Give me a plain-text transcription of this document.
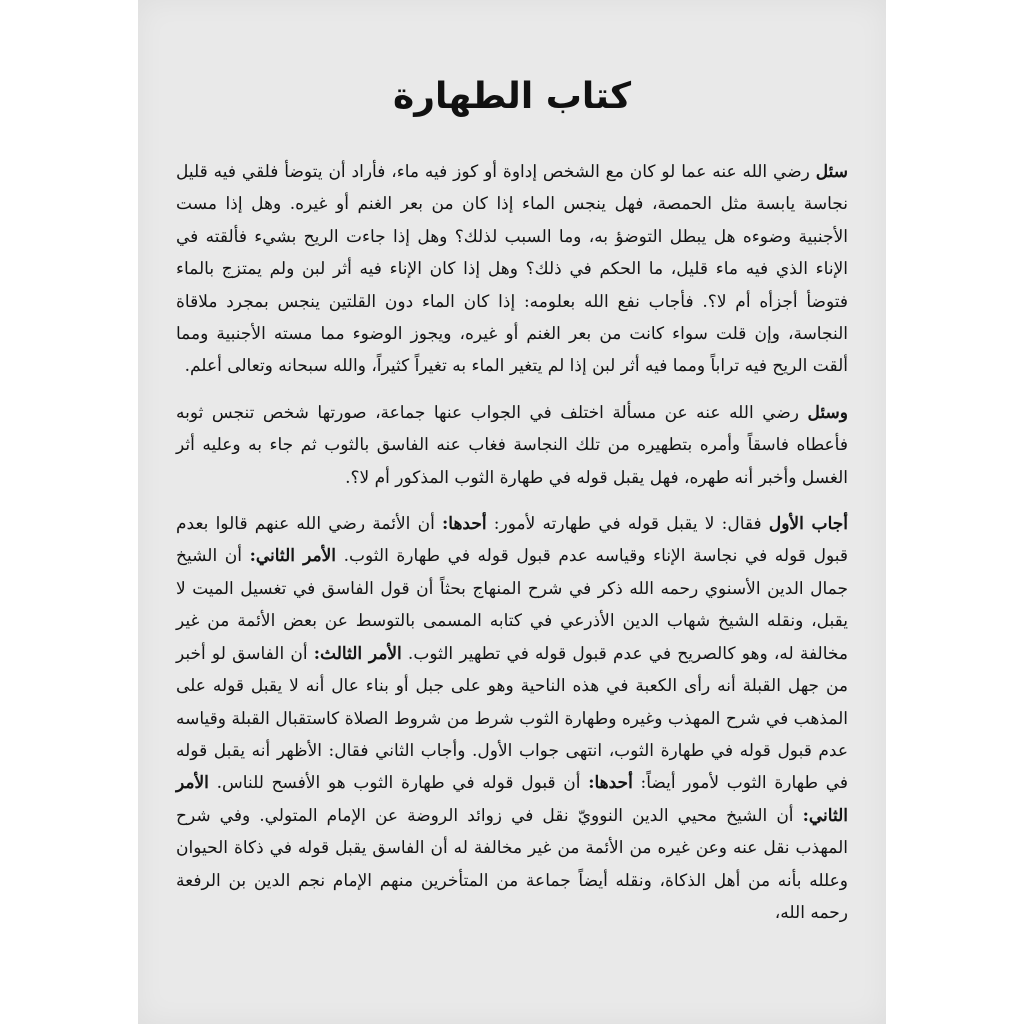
كتاب الطهارة

سئل رضي الله عنه عما لو كان مع الشخص إداوة أو كوز فيه ماء، فأراد أن يتوضأ فلقي فيه قليل نجاسة يابسة مثل الحمصة، فهل ينجس الماء إذا كان من بعر الغنم أو غيره. وهل إذا مست الأجنبية وضوءه هل يبطل التوضؤ به، وما السبب لذلك؟ وهل إذا جاءت الريح بشيء فألقته في الإناء الذي فيه ماء قليل، ما الحكم في ذلك؟ وهل إذا كان الإناء فيه أثر لبن ولم يمتزج بالماء فتوضأ أجزأه أم لا؟. فأجاب نفع الله بعلومه: إذا كان الماء دون القلتين ينجس بمجرد ملاقاة النجاسة، وإن قلت سواء كانت من بعر الغنم أو غيره، ويجوز الوضوء مما مسته الأجنبية ومما ألقت الريح فيه تراباً ومما فيه أثر لبن إذا لم يتغير الماء به تغيراً كثيراً، والله سبحانه وتعالى أعلم.

وسئل رضي الله عنه عن مسألة اختلف في الجواب عنها جماعة، صورتها شخص تنجس ثوبه فأعطاه فاسقاً وأمره بتطهيره من تلك النجاسة فغاب عنه الفاسق بالثوب ثم جاء به وعليه أثر الغسل وأخبر أنه طهره، فهل يقبل قوله في طهارة الثوب المذكور أم لا؟.

أجاب الأول فقال: لا يقبل قوله في طهارته لأمور: أحدها: أن الأئمة رضي الله عنهم قالوا بعدم قبول قوله في نجاسة الإناء وقياسه عدم قبول قوله في طهارة الثوب. الأمر الثاني: أن الشيخ جمال الدين الأسنوي رحمه الله ذكر في شرح المنهاج بحثاً أن قول الفاسق في تغسيل الميت لا يقبل، ونقله الشيخ شهاب الدين الأذرعي في كتابه المسمى بالتوسط عن بعض الأئمة من غير مخالفة له، وهو كالصريح في عدم قبول قوله في تطهير الثوب. الأمر الثالث: أن الفاسق لو أخبر من جهل القبلة أنه رأى الكعبة في هذه الناحية وهو على جبل أو بناء عال أنه لا يقبل قوله على المذهب في شرح المهذب وغيره وطهارة الثوب شرط من شروط الصلاة كاستقبال القبلة وقياسه عدم قبول قوله في طهارة الثوب، انتهى جواب الأول. وأجاب الثاني فقال: الأظهر أنه يقبل قوله في طهارة الثوب لأمور أيضاً: أحدها: أن قبول قوله في طهارة الثوب هو الأفسح للناس. الأمر الثاني: أن الشيخ محيي الدين النوويّ نقل في زوائد الروضة عن الإمام المتولي. وفي شرح المهذب نقل عنه وعن غيره من الأئمة من غير مخالفة له أن الفاسق يقبل قوله في ذكاة الحيوان وعلله بأنه من أهل الذكاة، ونقله أيضاً جماعة من المتأخرين منهم الإمام نجم الدين بن الرفعة رحمه الله،
